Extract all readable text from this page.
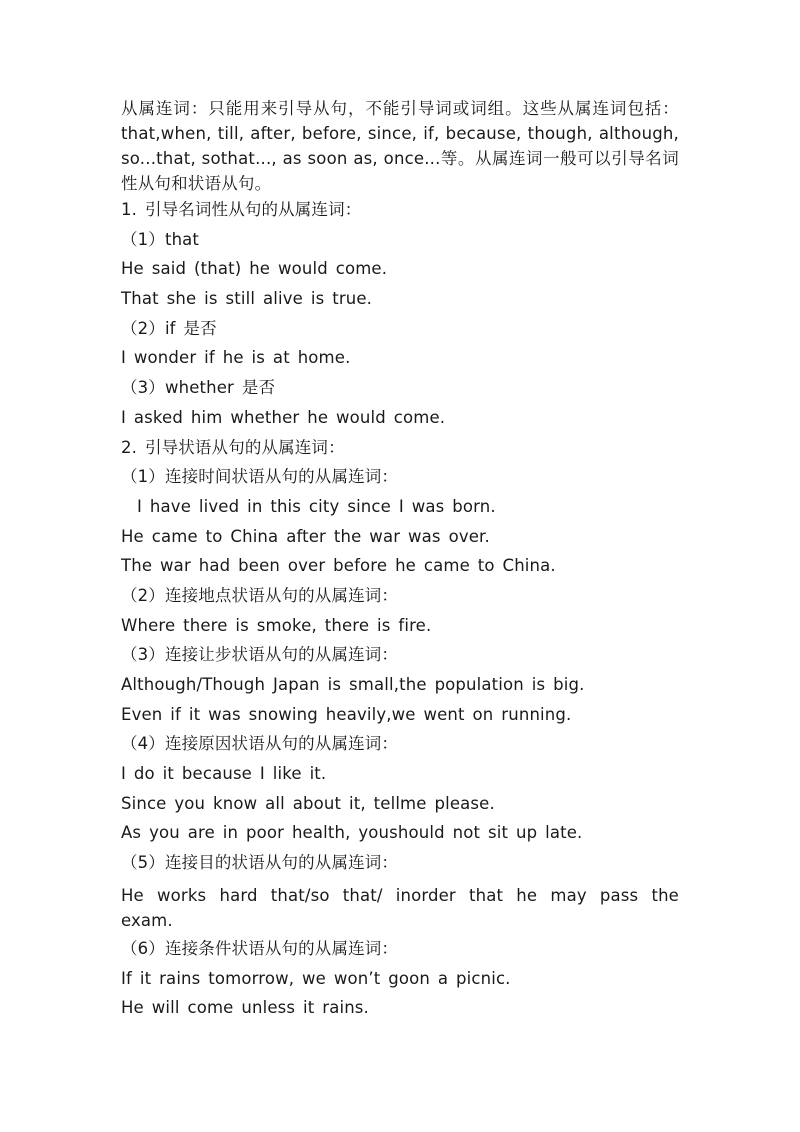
从属连词：只能用来引导从句，不能引导词或词组。这些从属连词包括：that,when, till, after, before, since, if, because, though, although, so...that, sothat..., as soon as, once...等。从属连词一般可以引导名词性从句和状语从句。

1. 引导名词性从句的从属连词：
（1）that
He said (that) he would come.
That she is still alive is true.
（2）if 是否
I wonder if he is at home.
（3）whether 是否
I asked him whether he would come.
2. 引导状语从句的从属连词：
（1）连接时间状语从句的从属连词：
I have lived in this city since I was born.
He came to China after the war was over.
The war had been over before he came to China.
（2）连接地点状语从句的从属连词：
Where there is smoke, there is fire.
（3）连接让步状语从句的从属连词：
Although/Though Japan is small,the population is big.
Even if it was snowing heavily,we went on running.
（4）连接原因状语从句的从属连词：
I do it because I like it.
Since you know all about it, tellme please.
As you are in poor health, youshould not sit up late.
（5）连接目的状语从句的从属连词：
He works hard that/so that/ inorder that he may pass the exam.
（6）连接条件状语从句的从属连词：
If it rains tomorrow, we won’t goon a picnic.
He will come unless it rains.
